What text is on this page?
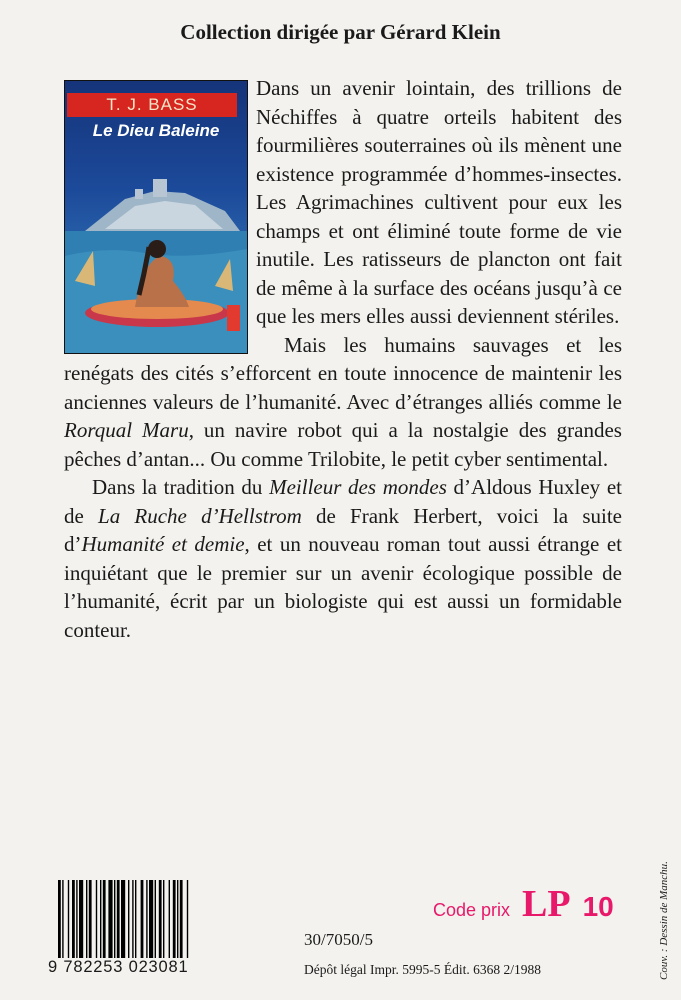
Collection dirigée par Gérard Klein
T. J. BASS
Le Dieu Baleine

Dans un avenir lointain, des trillions de Néchiffes à quatre orteils habitent des fourmilières souterraines où ils mènent une existence programmée d’hommes-insectes. Les Agrimachines cultivent pour eux les champs et ont éliminé toute forme de vie inutile. Les ratisseurs de plancton ont fait de même à la surface des océans jusqu’à ce que les mers elles aussi deviennent stériles.

Mais les humains sauvages et les renégats des cités s’efforcent en toute innocence de maintenir les anciennes valeurs de l’humanité. Avec d’étranges alliés comme le Rorqual Maru, un navire robot qui a la nostalgie des grandes pêches d’antan... Ou comme Trilobite, le petit cyber sentimental.

Dans la tradition du Meilleur des mondes d’Aldous Huxley et de La Ruche d’Hellstrom de Frank Herbert, voici la suite d’Humanité et demie, et un nouveau roman tout aussi étrange et inquiétant que le premier sur un avenir écologique possible de l’humanité, écrit par un biologiste qui est aussi un formidable conteur.

Couv. : Dessin de Manchu.
Code prix LP 10
9 782253 023081
30/7050/5
Dépôt légal Impr. 5995-5 Édit. 6368 2/1988
